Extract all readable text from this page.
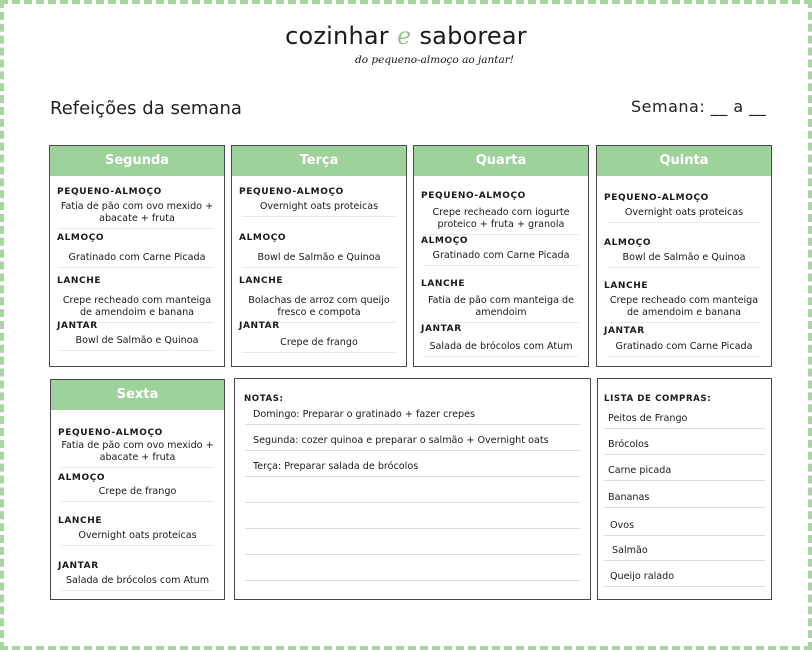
cozinhar e saborear
do pequeno-almoço ao jantar!
Refeições da semana	Semana: __ a __
Segunda
PEQUENO-ALMOÇO
Fatia de pão com ovo mexido + abacate + fruta
ALMOÇO
Gratinado com Carne Picada
LANCHE
Crepe recheado com manteiga de amendoim e banana
JANTAR
Bowl de Salmão e Quinoa
Terça
PEQUENO-ALMOÇO
Overnight oats proteicas
ALMOÇO
Bowl de Salmão e Quinoa
LANCHE
Bolachas de arroz com queijo fresco e compota
JANTAR
Crepe de frango
Quarta
PEQUENO-ALMOÇO
Crepe recheado com iogurte proteico + fruta + granola
ALMOÇO
Gratinado com Carne Picada
LANCHE
Fatia de pão com manteiga de amendoim
JANTAR
Salada de brócolos com Atum
Quinta
PEQUENO-ALMOÇO
Overnight oats proteicas
ALMOÇO
Bowl de Salmão e Quinoa
LANCHE
Crepe recheado com manteiga de amendoim e banana
JANTAR
Gratinado com Carne Picada
Sexta
PEQUENO-ALMOÇO
Fatia de pão com ovo mexido + abacate + fruta
ALMOÇO
Crepe de frango
LANCHE
Overnight oats proteicas
JANTAR
Salada de brócolos com Atum
NOTAS:
Domingo: Preparar o gratinado + fazer crepes
Segunda: cozer quinoa e preparar o salmão + Overnight oats
Terça: Preparar salada de brócolos
LISTA DE COMPRAS:
Peitos de Frango
Brócolos
Carne picada
Bananas
Ovos
Salmão
Queijo ralado
